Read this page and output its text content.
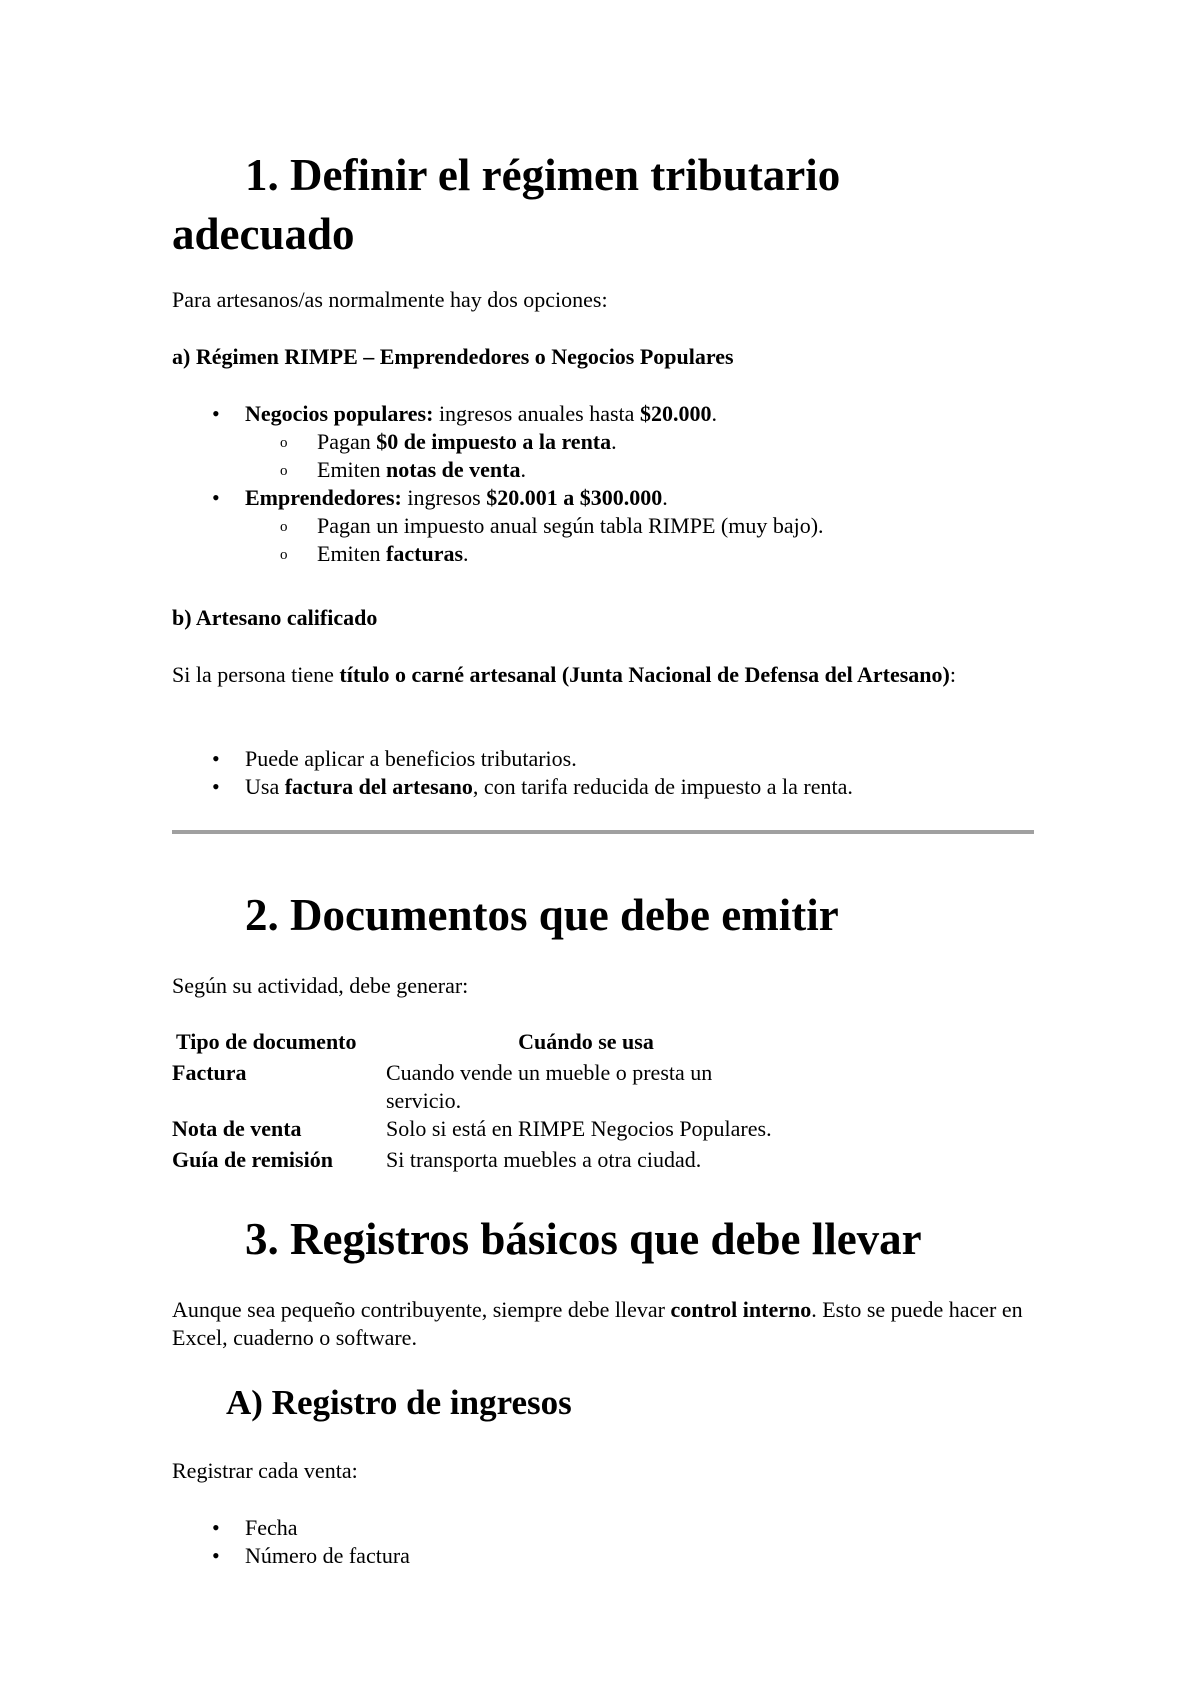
1. Definir el régimen tributario adecuado

Para artesanos/as normalmente hay dos opciones:

a) Régimen RIMPE – Emprendedores o Negocios Populares

• Negocios populares: ingresos anuales hasta $20.000.
o Pagan $0 de impuesto a la renta.
o Emiten notas de venta.
• Emprendedores: ingresos $20.001 a $300.000.
o Pagan un impuesto anual según tabla RIMPE (muy bajo).
o Emiten facturas.

b) Artesano calificado

Si la persona tiene título o carné artesanal (Junta Nacional de Defensa del Artesano):

• Puede aplicar a beneficios tributarios.
• Usa factura del artesano, con tarifa reducida de impuesto a la renta.
2. Documentos que debe emitir

Según su actividad, debe generar:

Tipo de documento	Cuándo se usa
Factura	Cuando vende un mueble o presta un servicio.
Nota de venta	Solo si está en RIMPE Negocios Populares.
Guía de remisión	Si transporta muebles a otra ciudad.
3. Registros básicos que debe llevar

Aunque sea pequeño contribuyente, siempre debe llevar control interno. Esto se puede hacer en Excel, cuaderno o software.

A) Registro de ingresos

Registrar cada venta:

• Fecha
• Número de factura
